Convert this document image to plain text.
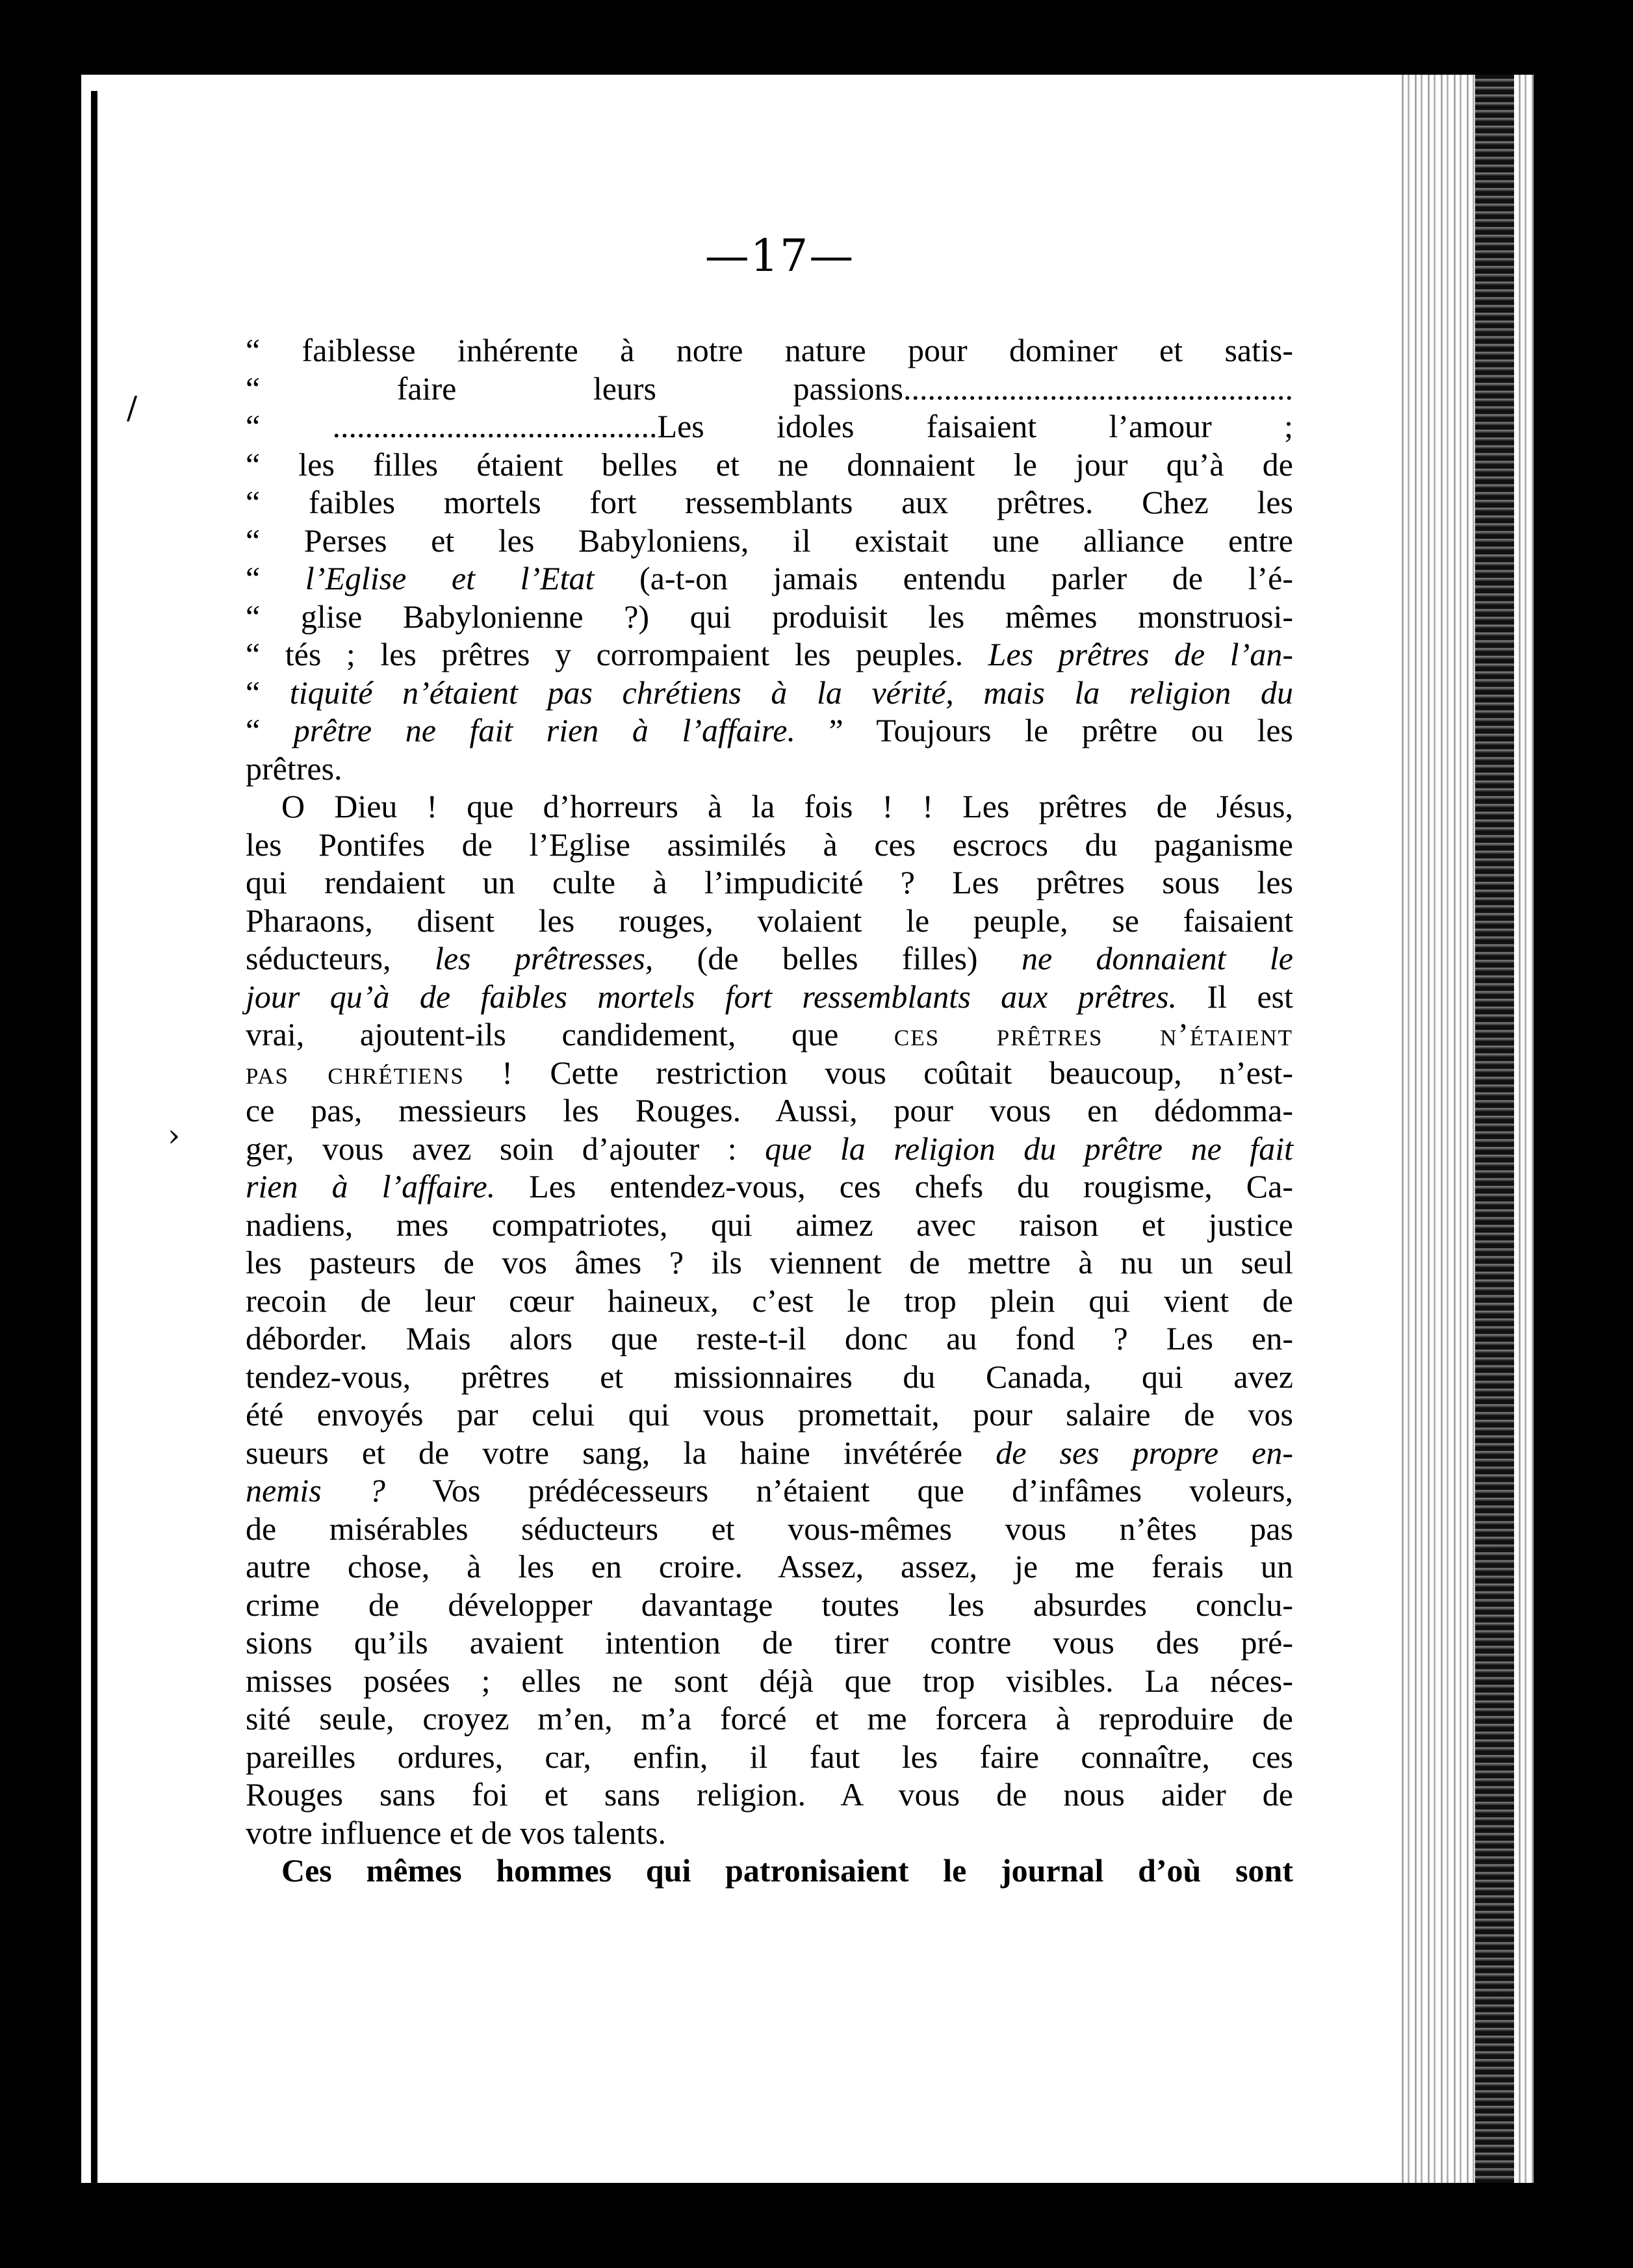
—17—
/
-
›
“ faiblesse inhérente à notre nature pour dominer et satis-
“ faire leurs passions................................................
“ ........................................Les idoles faisaient l’amour ;
“ les filles étaient belles et ne donnaient le jour qu’à de
“ faibles mortels fort ressemblants aux prêtres. Chez les
“ Perses et les Babyloniens, il existait une alliance entre
“ l’Eglise et l’Etat (a-t-on jamais entendu parler de l’é-
“ glise Babylonienne ?) qui produisit les mêmes monstruosi-
“ tés ; les prêtres y corrompaient les peuples. Les prêtres de l’an-
“ tiquité n’étaient pas chrétiens à la vérité, mais la religion du
“ prêtre ne fait rien à l’affaire. ” Toujours le prêtre ou les
prêtres.
O Dieu ! que d’horreurs à la fois ! ! Les prêtres de Jésus,
les Pontifes de l’Eglise assimilés à ces escrocs du paganisme
qui rendaient un culte à l’impudicité ? Les prêtres sous les
Pharaons, disent les rouges, volaient le peuple, se faisaient
séducteurs, les prêtresses, (de belles filles) ne donnaient le
jour qu’à de faibles mortels fort ressemblants aux prêtres. Il est
vrai, ajoutent-ils candidement, que ces prêtres n’étaient
pas chrétiens ! Cette restriction vous coûtait beaucoup, n’est-
ce pas, messieurs les Rouges. Aussi, pour vous en dédomma-
ger, vous avez soin d’ajouter : que la religion du prêtre ne fait
rien à l’affaire. Les entendez-vous, ces chefs du rougisme, Ca-
nadiens, mes compatriotes, qui aimez avec raison et justice
les pasteurs de vos âmes ? ils viennent de mettre à nu un seul
recoin de leur cœur haineux, c’est le trop plein qui vient de
déborder. Mais alors que reste-t-il donc au fond ? Les en-
tendez-vous, prêtres et missionnaires du Canada, qui avez
été envoyés par celui qui vous promettait, pour salaire de vos
sueurs et de votre sang, la haine invétérée de ses propre en-
nemis ? Vos prédécesseurs n’étaient que d’infâmes voleurs,
de misérables séducteurs et vous-mêmes vous n’êtes pas
autre chose, à les en croire. Assez, assez, je me ferais un
crime de développer davantage toutes les absurdes conclu-
sions qu’ils avaient intention de tirer contre vous des pré-
misses posées ; elles ne sont déjà que trop visibles. La néces-
sité seule, croyez m’en, m’a forcé et me forcera à reproduire de
pareilles ordures, car, enfin, il faut les faire connaître, ces
Rouges sans foi et sans religion. A vous de nous aider de
votre influence et de vos talents.
Ces mêmes hommes qui patronisaient le journal d’où sont
